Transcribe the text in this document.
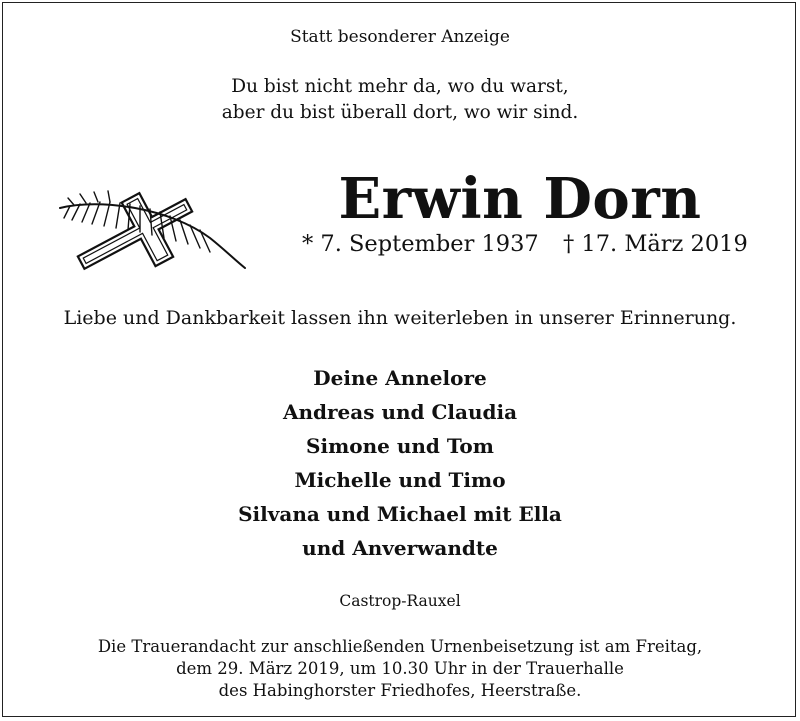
Statt besonderer Anzeige
Du bist nicht mehr da, wo du warst,
aber du bist überall dort, wo wir sind.
Erwin Dorn
* 7. September 1937 † 17. März 2019
Liebe und Dankbarkeit lassen ihn weiterleben in unserer Erinnerung.
Deine Annelore
Andreas und Claudia
Simone und Tom
Michelle und Timo
Silvana und Michael mit Ella
und Anverwandte
Castrop-Rauxel
Die Trauerandacht zur anschließenden Urnenbeisetzung ist am Freitag,
dem 29. März 2019, um 10.30 Uhr in der Trauerhalle
des Habinghorster Friedhofes, Heerstraße.
